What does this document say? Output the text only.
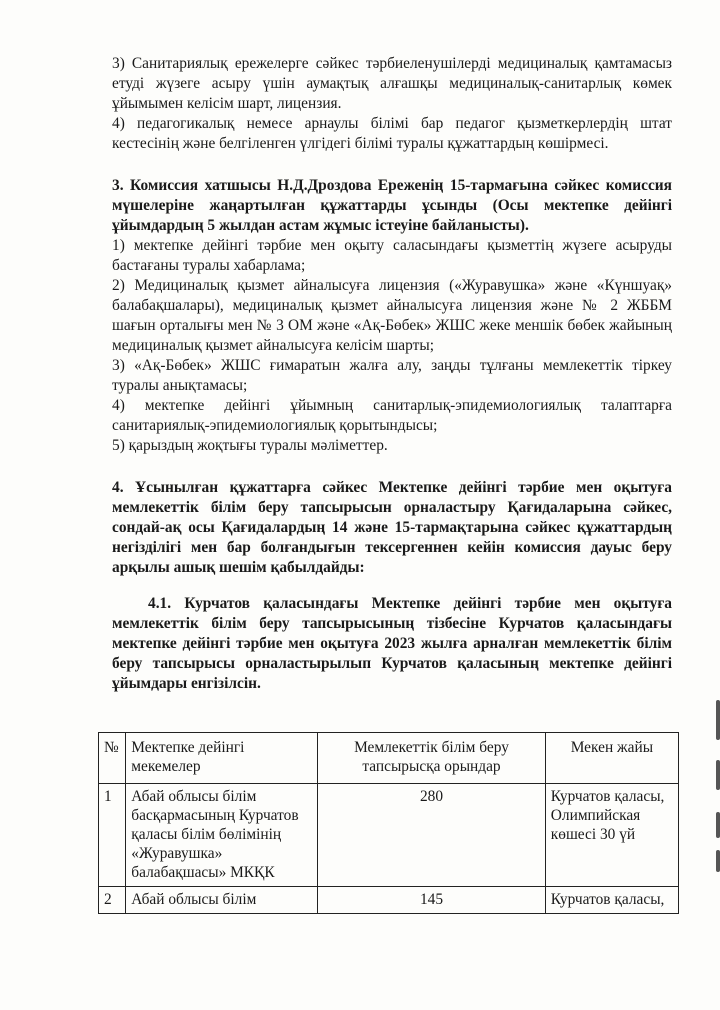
3) Санитариялық ережелерге сәйкес тәрбиеленушілерді медициналық қамтамасыз етуді жүзеге асыру үшін аумақтық алғашқы медициналық-санитарлық көмек ұйымымен келісім шарт, лицензия.

4) педагогикалық немесе арнаулы білімі бар педагог қызметкерлердің штат кестесінің және белгіленген үлгідегі білімі туралы құжаттардың көшірмесі.

3. Комиссия хатшысы Н.Д.Дроздова Ереженің 15-тармағына сәйкес комиссия мүшелеріне жаңартылған құжаттарды ұсынды (Осы мектепке дейінгі ұйымдардың 5 жылдан астам жұмыс істеуіне байланысты).

1) мектепке дейінгі тәрбие мен оқыту саласындағы қызметтің жүзеге асыруды бастағаны туралы хабарлама;

2) Медициналық қызмет айналысуға лицензия («Журавушка» және «Күншуақ» балабақшалары), медициналық қызмет айналысуға лицензия және № 2 ЖББМ шағын орталығы мен № 3 ОМ және «Ақ-Бөбек» ЖШС жеке меншік бөбек жайының медициналық қызмет айналысуға келісім шарты;

3) «Ақ-Бөбек» ЖШС ғимаратын жалға алу, заңды тұлғаны мемлекеттік тіркеу туралы анықтамасы;

4) мектепке дейінгі ұйымның санитарлық-эпидемиологиялық талаптарға санитариялық-эпидемиологиялық қорытындысы;

5) қарыздың жоқтығы туралы мәліметтер.

4. Ұсынылған құжаттарға сәйкес Мектепке дейінгі тәрбие мен оқытуға мемлекеттік білім беру тапсырысын орналастыру Қағидаларына сәйкес, сондай-ақ осы Қағидалардың 14 және 15-тармақтарына сәйкес құжаттардың негізділігі мен бар болғандығын тексергеннен кейін комиссия дауыс беру арқылы ашық шешім қабылдайды:

4.1. Курчатов қаласындағы Мектепке дейінгі тәрбие мен оқытуға мемлекеттік білім беру тапсырысының тізбесіне Курчатов қаласындағы мектепке дейінгі тәрбие мен оқытуға 2023 жылға арналған мемлекеттік білім беру тапсырысы орналастырылып Курчатов қаласының мектепке дейінгі ұйымдары енгізілсін.

№	Мектепке дейінгі мекемелер	Мемлекеттік білім беру тапсырысқа орындар	Мекен жайы
1	Абай облысы білім басқармасының Курчатов қаласы білім бөлімінің «Журавушка» балабақшасы» МКҚК	280	Курчатов қаласы, Олимпийская көшесі 30 үй
2	Абай облысы білім	145	Курчатов қаласы,
